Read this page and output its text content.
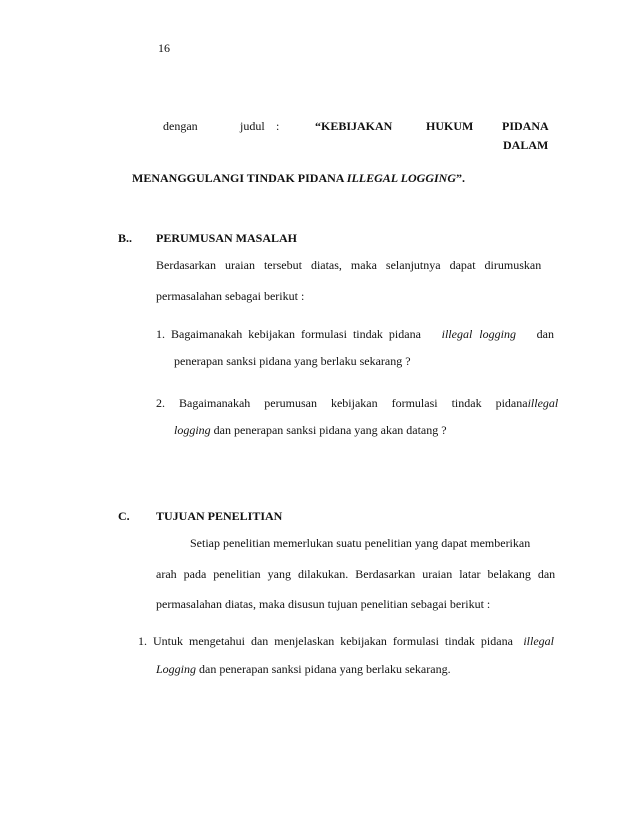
16
dengan	judul :	“KEBIJAKAN	HUKUM PIDANA
DALAM
MENANGGULANGI TINDAK PIDANA ILLEGAL LOGGING”.
B.. PERUMUSAN MASALAH
Berdasarkan uraian tersebut diatas, maka selanjutnya dapat dirumuskan
permasalahan sebagai berikut :
1. Bagaimanakah kebijakan formulasi tindak pidana illegal logging dan
penerapan sanksi pidana yang berlaku sekarang ?
2. Bagaimanakah perumusan kebijakan formulasi tindak pidana illegal
logging dan penerapan sanksi pidana yang akan datang ?
C. TUJUAN PENELITIAN
Setiap penelitian memerlukan suatu penelitian yang dapat memberikan
arah pada penelitian yang dilakukan. Berdasarkan uraian latar belakang dan
permasalahan diatas, maka disusun tujuan penelitian sebagai berikut :
1. Untuk mengetahui dan menjelaskan kebijakan formulasi tindak pidana illegal
Logging dan penerapan sanksi pidana yang berlaku sekarang.
